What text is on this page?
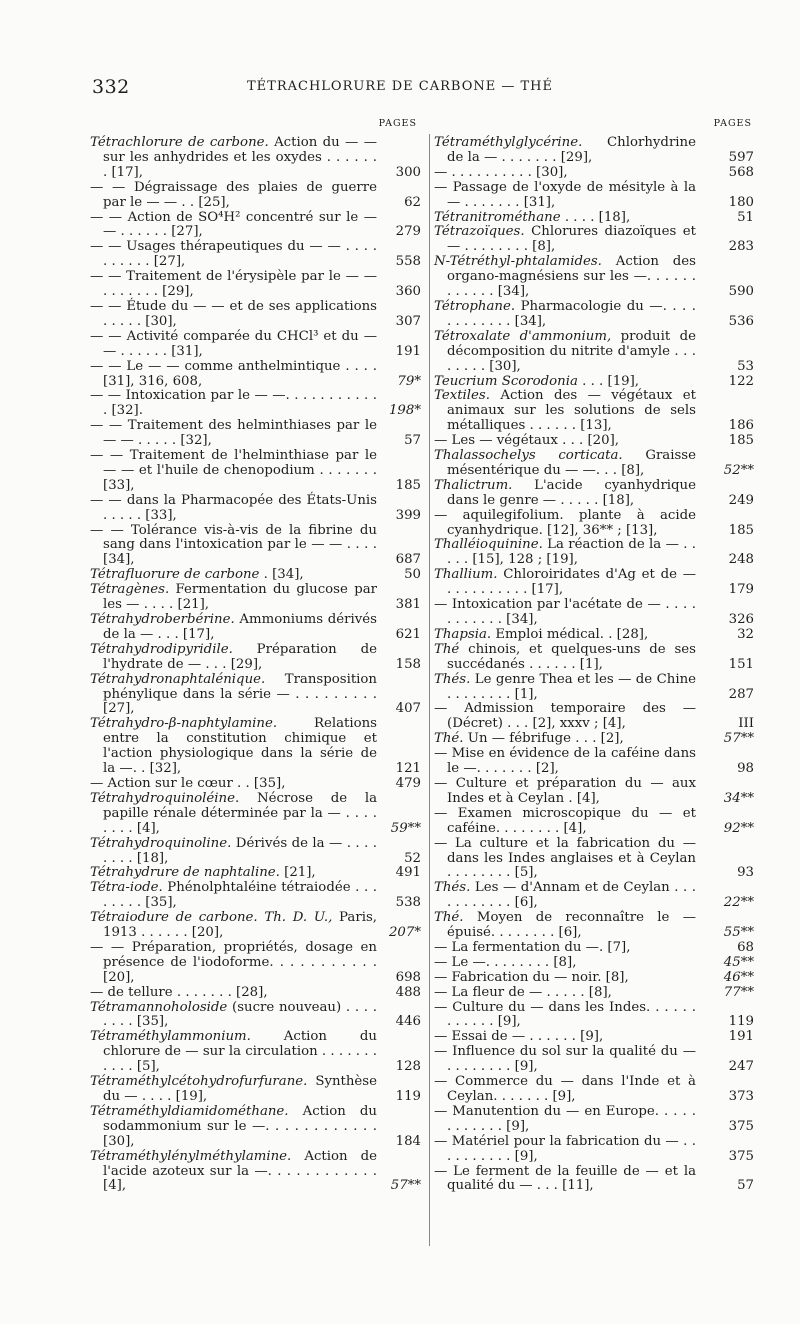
332	TÉTRACHLORURE DE CARBONE — THÉ
PAGES
Tétrachlorure de carbone. Action du — — sur les anhydrides et les oxydes . . . . . . . [17],	300
— — Dégraissage des plaies de guerre par le — — . . [25],	62
— — Action de SO⁴H² concentré sur le — — . . . . . . [27],	279
— — Usages thérapeutiques du — — . . . . . . . . . . [27],	558
— — Traitement de l'érysipèle par le — — . . . . . . . [29],	360
— — Étude du — — et de ses applications . . . . . [30],	307
— — Activité comparée du CHCl³ et du — — . . . . . . [31],	191
— — Le — — comme anthelmintique . . . . [31], 316, 608,	79*
— — Intoxication par le — —. . . . . . . . . . . . [32].	198*
— — Traitement des helminthiases par le — — . . . . . [32],	57
— — Traitement de l'helminthiase par le — — et l'huile de chenopodium . . . . . . . [33],	185
— — dans la Pharmacopée des États-Unis . . . . . [33],	399
— — Tolérance vis-à-vis de la fibrine du sang dans l'intoxication par le — — . . . . [34],	687
Tétrafluorure de carbone . [34],	50
Tétragènes. Fermentation du glucose par les — . . . . [21],	381
Tétrahydroberbérine. Ammoniums dérivés de la — . . . [17],	621
Tétrahydrodipyridile. Préparation de l'hydrate de — . . . [29],	158
Tétrahydronaphtalénique. Transposition phénylique dans la série — . . . . . . . . . [27],	407
Tétrahydro-β-naphtylamine. Relations entre la constitution chimique et l'action physiologique dans la série de la —. . [32],	121
— Action sur le cœur . . [35],	479
Tétrahydroquinoléine. Nécrose de la papille rénale déterminée par la — . . . . . . . . [4],	59**
Tétrahydroquinoline. Dérivés de la — . . . . . . . . [18],	52
Tétrahydrure de naphtaline. [21],	491
Tétra-iode. Phénolphtaléine tétraiodée . . . . . . . . [35],	538
Tétraiodure de carbone. Th. D. U., Paris, 1913 . . . . . . [20],	207*
— — Préparation, propriétés, dosage en présence de l'iodoforme. . . . . . . . . . . [20],	698
— de tellure . . . . . . . [28],	488
Tétramannoholoside (sucre nouveau) . . . . . . . . [35],	446
Tétraméthylammonium. Action du chlorure de — sur la circulation . . . . . . . . . . . [5],	128
Tétraméthylcétohydrofurfurane. Synthèse du — . . . . [19],	119
Tétraméthyldiamidométhane. Action du sodammonium sur le —. . . . . . . . . . . . [30],	184
Tétraméthylénylméthylamine. Action de l'acide azoteux sur la —. . . . . . . . . . . . [4],	57**
PAGES
Tétraméthylglycérine. Chlorhydrine de la — . . . . . . . [29],	597
— . . . . . . . . . . [30],	568
— Passage de l'oxyde de mésityle à la — . . . . . . . [31],	180
Tétranitrométhane . . . . [18],	51
Tétrazoïques. Chlorures diazoïques et — . . . . . . . . [8],	283
N-Tétréthyl-phtalamides. Action des organo-magnésiens sur les —. . . . . . . . . . . . [34],	590
Tétrophane. Pharmacologie du —. . . . . . . . . . . . [34],	536
Tétroxalate d'ammonium, produit de décomposition du nitrite d'amyle . . . . . . . . [30],	53
Teucrium Scorodonia . . . [19],	122
Textiles. Action des — végétaux et animaux sur les solutions de sels métalliques . . . . . . [13],	186
— Les — végétaux . . . [20],	185
Thalassochelys corticata. Graisse mésentérique du — —. . . [8],	52**
Thalictrum. L'acide cyanhydrique dans le genre — . . . . . [18],	249
— aquilegifolium. plante à acide cyanhydrique. [12], 36** ; [13],	185
Thalléioquinine. La réaction de la — . . . . . [15], 128 ; [19],	248
Thallium. Chloroiridates d'Ag et de — . . . . . . . . . . [17],	179
— Intoxication par l'acétate de — . . . . . . . . . . . [34],	326
Thapsia. Emploi médical. . [28],	32
Thé chinois, et quelques-uns de ses succédanés . . . . . . [1],	151
Thés. Le genre Thea et les — de Chine . . . . . . . . [1],	287
— Admission temporaire des — (Décret) . . . [2], xxxv ; [4],	III
Thé. Un — fébrifuge . . . [2],	57**
— Mise en évidence de la caféine dans le —. . . . . . . [2],	98
— Culture et préparation du — aux Indes et à Ceylan . [4],	34**
— Examen microscopique du — et caféine. . . . . . . . [4],	92**
— La culture et la fabrication du — dans les Indes anglaises et à Ceylan . . . . . . . . [5],	93
Thés. Les — d'Annam et de Ceylan . . . . . . . . . . . [6],	22**
Thé. Moyen de reconnaître le — épuisé. . . . . . . . [6],	55**
— La fermentation du —. [7],	68
— Le —. . . . . . . . [8],	45**
— Fabrication du — noir. [8],	46**
— La fleur de — . . . . . [8],	77**
— Culture du — dans les Indes. . . . . . . . . . . . [9],	119
— Essai de — . . . . . . [9],	191
— Influence du sol sur la qualité du — . . . . . . . . [9],	247
— Commerce du — dans l'Inde et à Ceylan. . . . . . . [9],	373
— Manutention du — en Europe. . . . . . . . . . . . [9],	375
— Matériel pour la fabrication du — . . . . . . . . . . [9],	375
— Le ferment de la feuille de — et la qualité du — . . . [11],	57
